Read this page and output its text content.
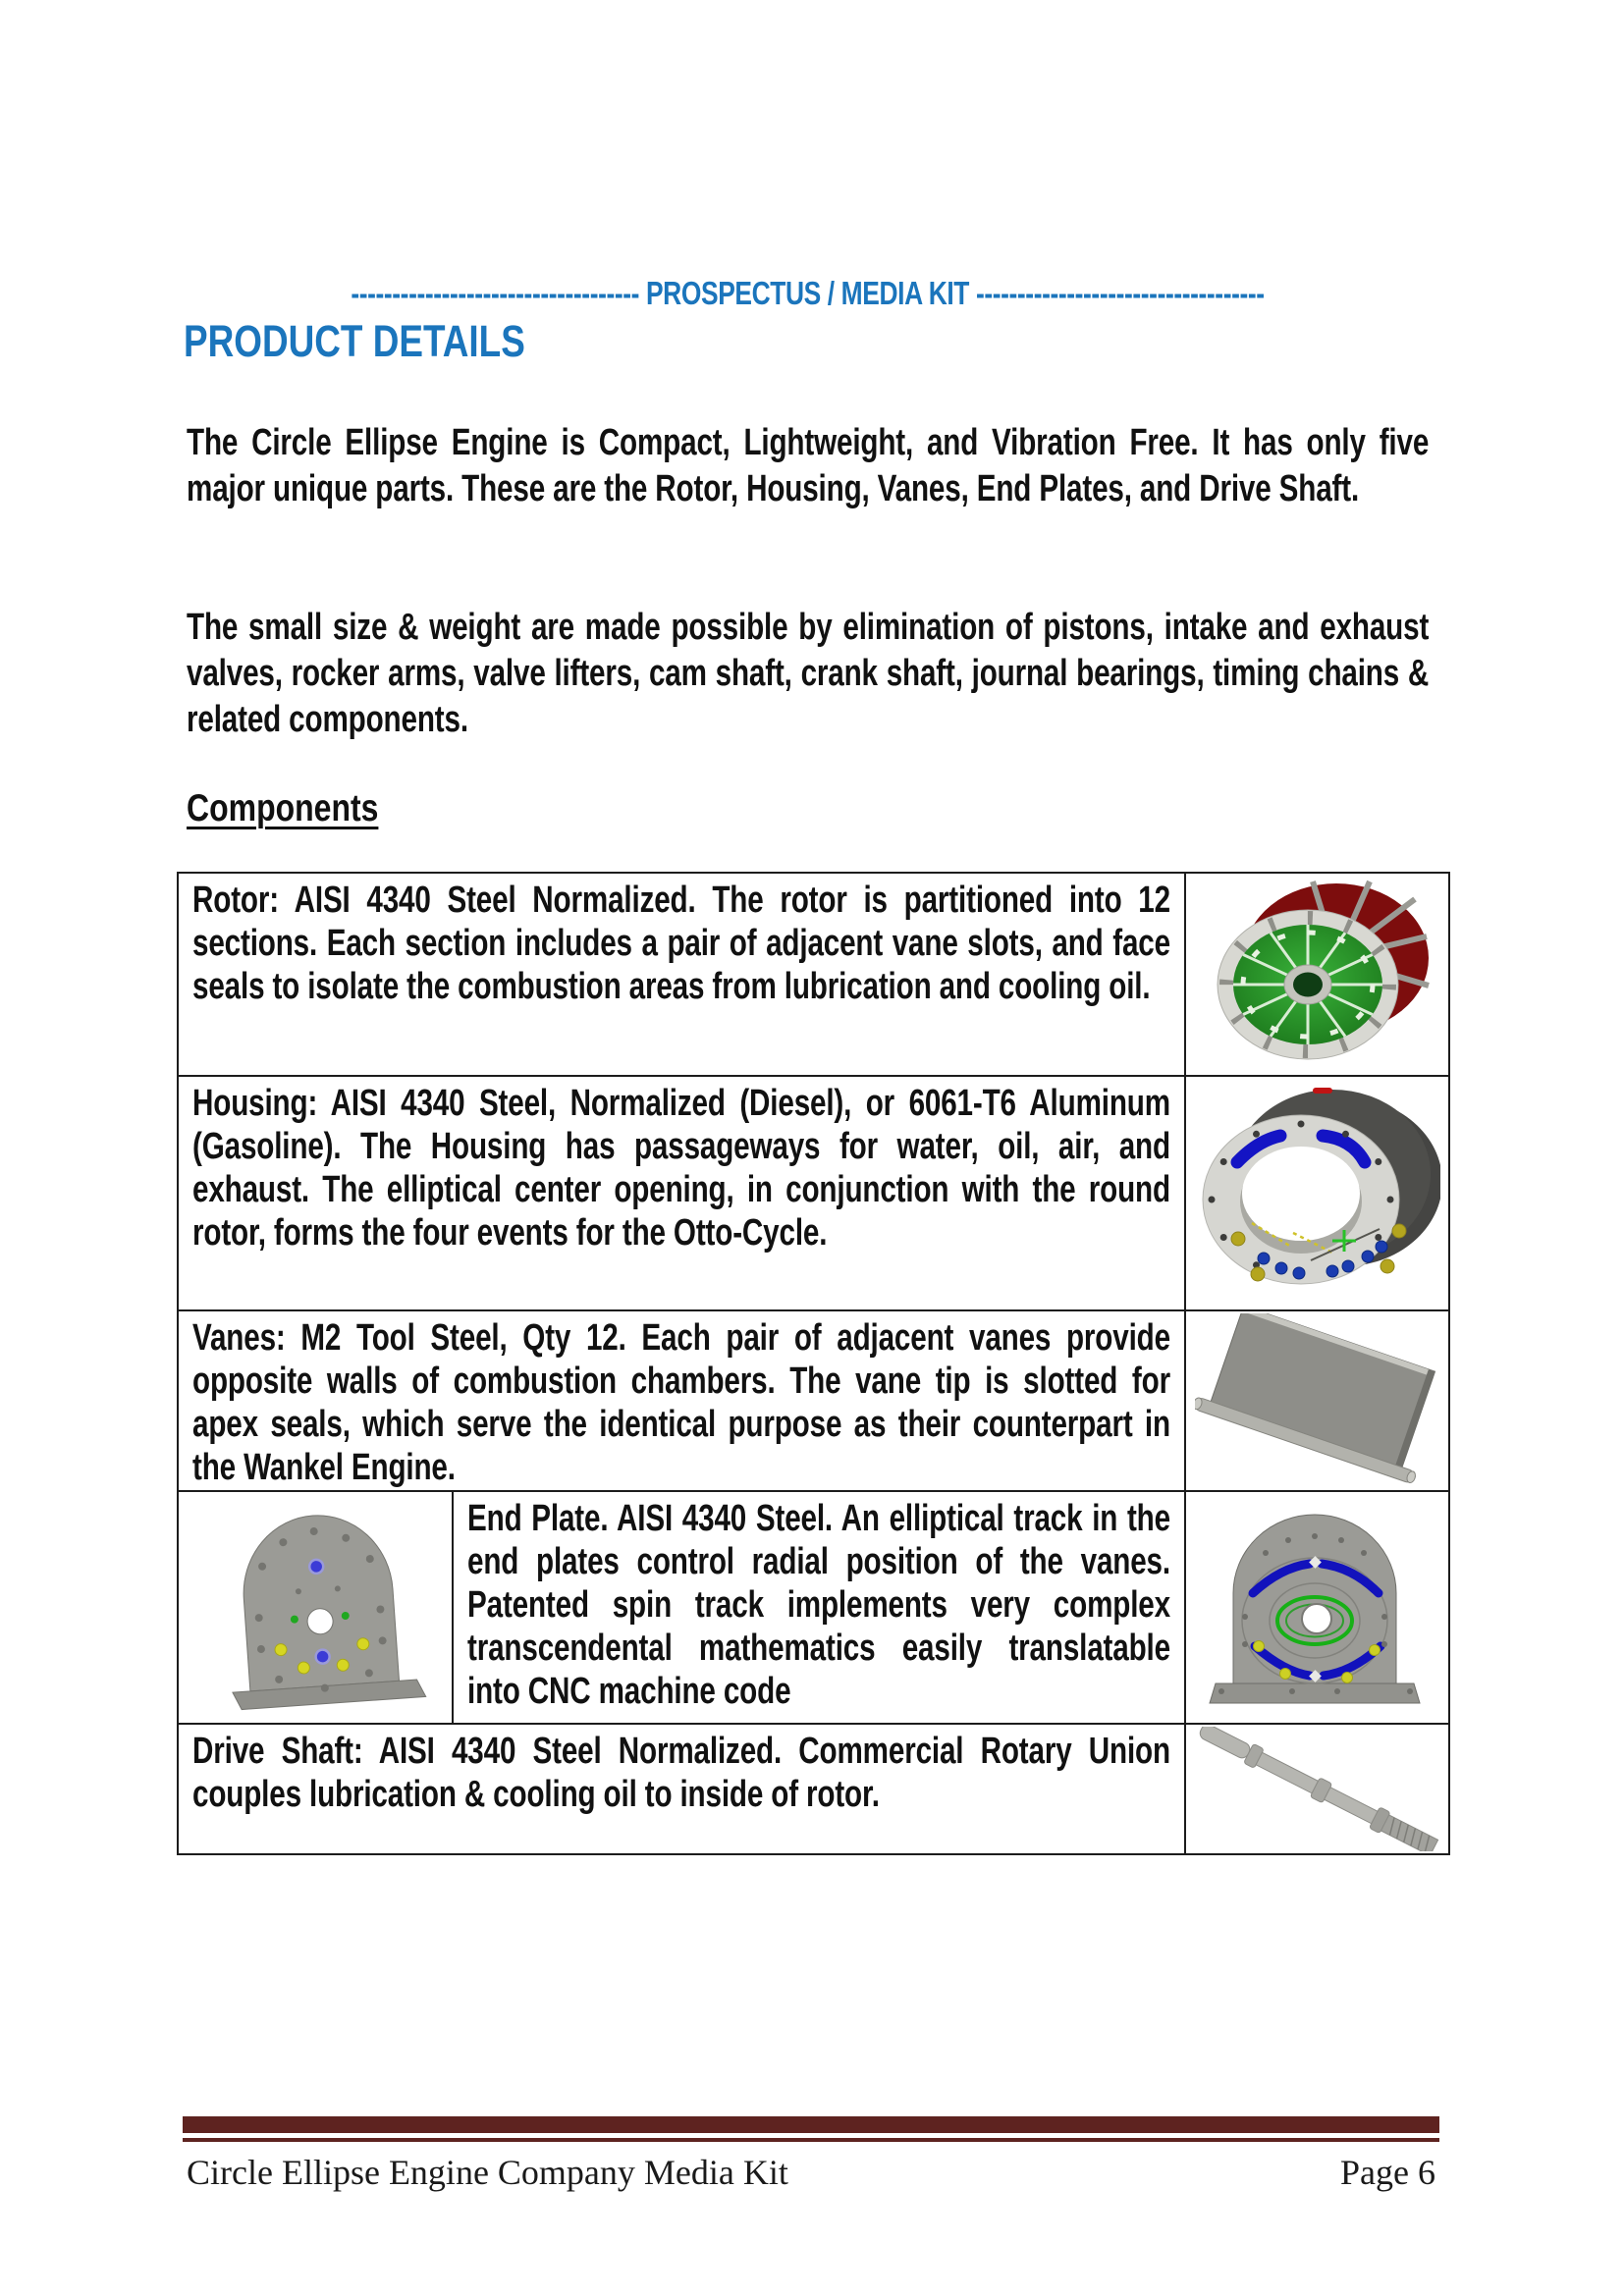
----------------------------------- PROSPECTUS / MEDIA KIT -----------------------------------
PRODUCT DETAILS

The Circle Ellipse Engine is Compact, Lightweight, and Vibration Free. It has only five major unique parts. These are the Rotor, Housing, Vanes, End Plates, and Drive Shaft.

The small size & weight are made possible by elimination of pistons, intake and exhaust valves, rocker arms, valve lifters, cam shaft, crank shaft, journal bearings, timing chains & related components.

Components
Rotor: AISI 4340 Steel Normalized. The rotor is partitioned into 12 sections. Each section includes a pair of adjacent vane slots, and face seals to isolate the combustion areas from lubrication and cooling oil.
Housing: AISI 4340 Steel, Normalized (Diesel), or 6061-T6 Aluminum (Gasoline). The Housing has passageways for water, oil, air, and exhaust. The elliptical center opening, in conjunction with the round rotor, forms the four events for the Otto-Cycle.
Vanes: M2 Tool Steel, Qty 12. Each pair of adjacent vanes provide opposite walls of combustion chambers. The vane tip is slotted for apex seals, which serve the identical purpose as their counterpart in the Wankel Engine.
End Plate. AISI 4340 Steel. An elliptical track in the end plates control radial position of the vanes. Patented spin track implements very complex transcendental mathematics easily translatable into CNC machine code
Drive Shaft: AISI 4340 Steel Normalized. Commercial Rotary Union couples lubrication & cooling oil to inside of rotor.
Circle Ellipse Engine Company Media Kit	Page 6
